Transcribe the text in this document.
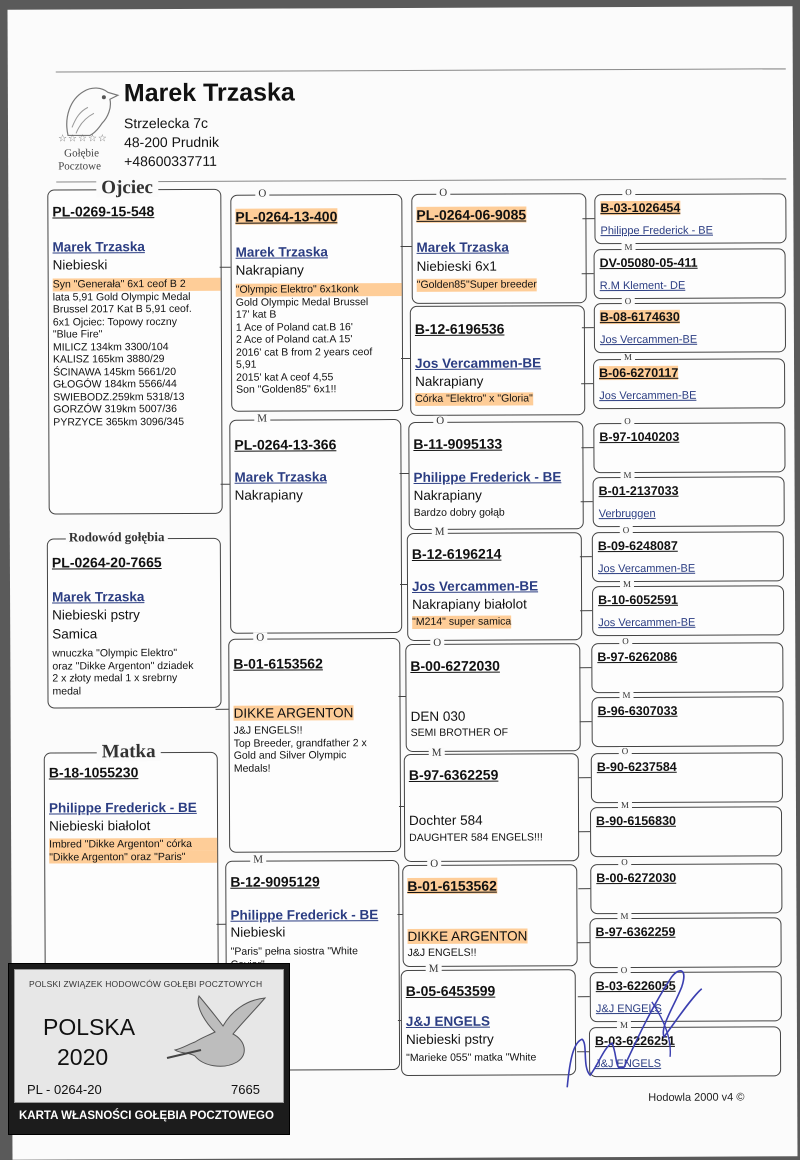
☆☆☆☆☆
Gołębie
Pocztowe
Marek Trzaska
Strzelecka 7c
48-200 Prudnik
+48600337711
PL-0269-15-548
Marek Trzaska
Niebieski
Syn "Generała" 6x1 ceof B 2
lata 5,91 Gold Olympic Medal
Brussel 2017 Kat B 5,91 ceof.
6x1 Ojciec: Topowy roczny
"Blue Fire"
MILICZ 134km 3300/104
KALISZ 165km 3880/29
ŚCINAWA 145km 5661/20
GŁOGÓW 184km 5566/44
SWIEBODZ.259km 5318/13
GORZÓW 319km 5007/36
PYRZYCE 365km 3096/345
Ojciec
PL-0264-20-7665
Marek Trzaska
Niebieski pstry
Samica
wnuczka "Olympic Elektro"
oraz "Dikke Argenton" dziadek
2 x złoty medal 1 x srebrny
medal
Rodowód gołębia
B-18-1055230
Philippe Frederick - BE
Niebieski białolot
Imbred "Dikke Argenton" córka
"Dikke Argenton" oraz "Paris"
Matka
PL-0264-13-400
Marek Trzaska
Nakrapiany
"Olympic Elektro" 6x1konk
Gold Olympic Medal Brussel
17' kat B
1 Ace of Poland cat.B 16'
2 Ace of Poland cat.A 15'
2016' cat B from 2 years ceof
5,91
2015' kat A ceof 4,55
Son "Golden85" 6x1!!
O
PL-0264-13-366
Marek Trzaska
Nakrapiany
M
B-01-6153562
DIKKE ARGENTON
J&J ENGELS!!
Top Breeder, grandfather 2 x
Gold and Silver Olympic
Medals!
O
B-12-9095129
Philippe Frederick - BE
Niebieski
"Paris" pełna siostra "White
M
PL-0264-06-9085
Marek Trzaska
Niebieski 6x1
"Golden85"Super breeder
O
B-12-6196536
Jos Vercammen-BE
Nakrapiany
Córka "Elektro" x "Gloria"
B-11-9095133
Philippe Frederick - BE
Nakrapiany
Bardzo dobry gołąb
O
B-12-6196214
Jos Vercammen-BE
Nakrapiany białolot
"M214" super samica
M
B-00-6272030
DEN 030
SEMI BROTHER OF
O
B-97-6362259
Dochter 584
DAUGHTER 584 ENGELS!!!
M
B-01-6153562
DIKKE ARGENTON
J&J ENGELS!!
O
B-05-6453599
J&J ENGELS
Niebieski pstry
"Marieke 055" matka "White
M
B-03-1026454
Philippe Frederick - BE
O
DV-05080-05-411
R.M Klement- DE
M
B-08-6174630
Jos Vercammen-BE
O
B-06-6270117
Jos Vercammen-BE
M
B-97-1040203
O
B-01-2137033
Verbruggen
M
B-09-6248087
Jos Vercammen-BE
O
B-10-6052591
Jos Vercammen-BE
M
B-97-6262086
O
B-96-6307033
M
B-90-6237584
O
B-90-6156830
M
B-00-6272030
O
B-97-6362259
M
B-03-6226055
J&J ENGELS
O
B-03-6226251
J&J ENGELS
M
Hodowla 2000 v4 ©
POLSKI ZWIĄZEK HODOWCÓW GOŁĘBI POCZTOWYCH
POLSKA
2020
PL - 0264-20	7665
KARTA WŁASNOŚCI GOŁĘBIA POCZTOWEGO
